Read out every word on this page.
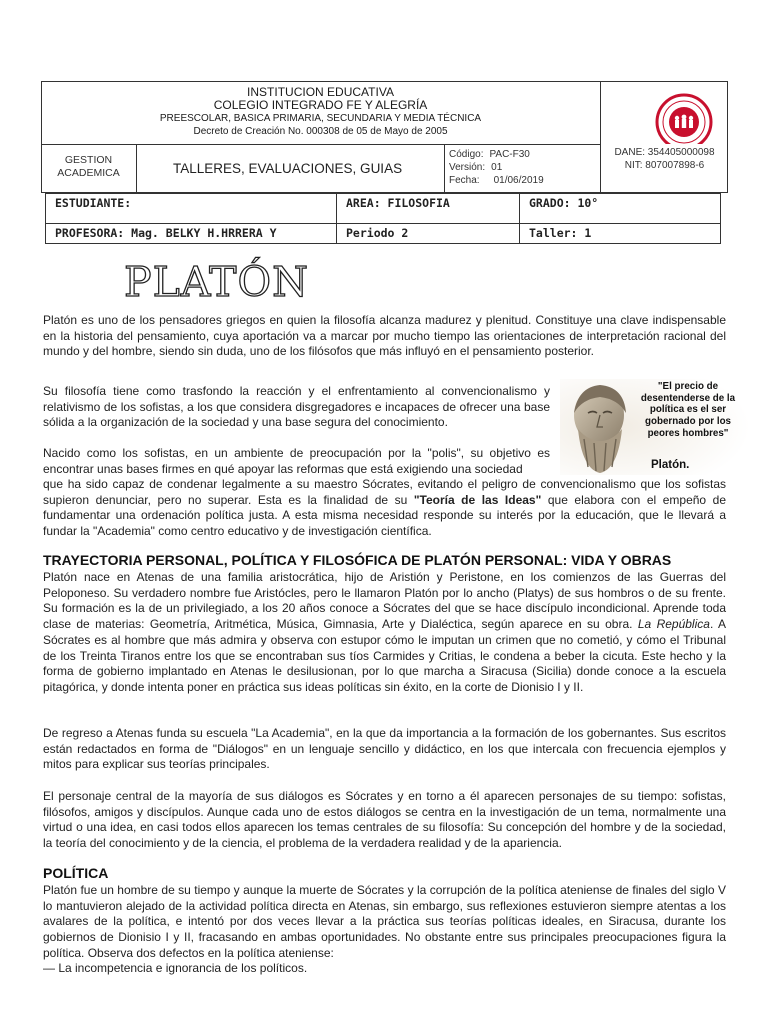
INSTITUCION EDUCATIVA
COLEGIO INTEGRADO FE Y ALEGRÍA
PREESCOLAR, BASICA PRIMARIA, SECUNDARIA Y MEDIA TÉCNICA
Decreto de Creación No. 000308 de 05 de Mayo de 2005
GESTION ACADEMICA	TALLERES, EVALUACIONES, GUIAS
Código: PAC-F30
Versión: 01
Fecha: 01/06/2019
DANE: 354405000098
NIT: 807007898-6
ESTUDIANTE:	AREA: FILOSOFIA	GRADO: 10°
PROFESORA: Mag. BELKY H.HRRERA Y	Periodo 2	Taller: 1
PLATÓN
Platón es uno de los pensadores griegos en quien la filosofía alcanza madurez y plenitud. Constituye una clave indispensable en la historia del pensamiento, cuya aportación va a marcar por mucho tiempo las orientaciones de interpretación racional del mundo y del hombre, siendo sin duda, uno de los filósofos que más influyó en el pensamiento posterior.
Su filosofía tiene como trasfondo la reacción y el enfrentamiento al convencionalismo y relativismo de los sofistas, a los que considera disgregadores e incapaces de ofrecer una base sólida a la organización de la sociedad y una base segura del conocimiento.
Nacido como los sofistas, en un ambiente de preocupación por la "polis", su objetivo es encontrar unas bases firmes en qué apoyar las reformas que está exigiendo una sociedad
que ha sido capaz de condenar legalmente a su maestro Sócrates, evitando el peligro de convencionalismo que los sofistas supieron denunciar, pero no superar. Esta es la finalidad de su "Teoría de las Ideas" que elabora con el empeño de fundamentar una ordenación política justa. A esta misma necesidad responde su interés por la educación, que le llevará a fundar la "Academia" como centro educativo y de investigación científica.
"El precio de desentenderse de la política es el ser gobernado por los peores hombres"
Platón.
TRAYECTORIA PERSONAL, POLÍTICA Y FILOSÓFICA DE PLATÓN PERSONAL: VIDA Y OBRAS
Platón nace en Atenas de una familia aristocrática, hijo de Aristión y Peristone, en los comienzos de las Guerras del Peloponeso. Su verdadero nombre fue Aristócles, pero le llamaron Platón por lo ancho (Platys) de sus hombros o de su frente. Su formación es la de un privilegiado, a los 20 años conoce a Sócrates del que se hace discípulo incondicional. Aprende toda clase de materias: Geometría, Aritmética, Música, Gimnasia, Arte y Dialéctica, según aparece en su obra. La República. A Sócrates es al hombre que más admira y observa con estupor cómo le imputan un crimen que no cometió, y cómo el Tribunal de los Treinta Tiranos entre los que se encontraban sus tíos Carmides y Critias, le condena a beber la cicuta. Este hecho y la forma de gobierno implantado en Atenas le desilusionan, por lo que marcha a Siracusa (Sicilia) donde conoce a la escuela pitagórica, y donde intenta poner en práctica sus ideas políticas sin éxito, en la corte de Dionisio I y II.
De regreso a Atenas funda su escuela "La Academia", en la que da importancia a la formación de los gobernantes. Sus escritos están redactados en forma de "Diálogos" en un lenguaje sencillo y didáctico, en los que intercala con frecuencia ejemplos y mitos para explicar sus teorías principales.
El personaje central de la mayoría de sus diálogos es Sócrates y en torno a él aparecen personajes de su tiempo: sofistas, filósofos, amigos y discípulos. Aunque cada uno de estos diálogos se centra en la investigación de un tema, normalmente una virtud o una idea, en casi todos ellos aparecen los temas centrales de su filosofía: Su concepción del hombre y de la sociedad, la teoría del conocimiento y de la ciencia, el problema de la verdadera realidad y de la apariencia.
POLÍTICA
Platón fue un hombre de su tiempo y aunque la muerte de Sócrates y la corrupción de la política ateniense de finales del siglo V lo mantuvieron alejado de la actividad política directa en Atenas, sin embargo, sus reflexiones estuvieron siempre atentas a los avalares de la política, e intentó por dos veces llevar a la práctica sus teorías políticas ideales, en Siracusa, durante los gobiernos de Dionisio I y II, fracasando en ambas oportunidades. No obstante entre sus principales preocupaciones figura la política. Observa dos defectos en la política ateniense:
— La incompetencia e ignorancia de los políticos.
